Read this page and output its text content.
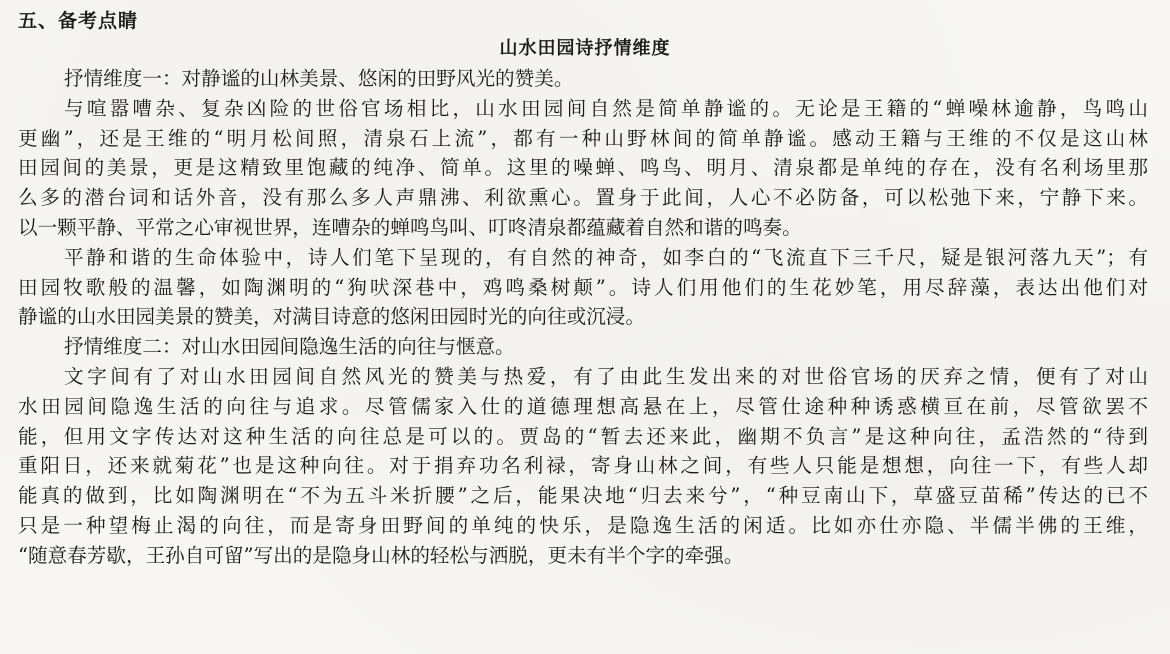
五、备考点睛
山水田园诗抒情维度
抒情维度一：对静谧的山林美景、悠闲的田野风光的赞美。
与喧嚣嘈杂、复杂凶险的世俗官场相比，山水田园间自然是简单静谧的。无论是王籍的“蝉噪林逾静，鸟鸣山
更幽”，还是王维的“明月松间照，清泉石上流”，都有一种山野林间的简单静谧。感动王籍与王维的不仅是这山林
田园间的美景，更是这精致里饱藏的纯净、简单。这里的噪蝉、鸣鸟、明月、清泉都是单纯的存在，没有名利场里那
么多的潜台词和话外音，没有那么多人声鼎沸、利欲熏心。置身于此间，人心不必防备，可以松弛下来，宁静下来。
以一颗平静、平常之心审视世界，连嘈杂的蝉鸣鸟叫、叮咚清泉都蕴藏着自然和谐的鸣奏。
平静和谐的生命体验中，诗人们笔下呈现的，有自然的神奇，如李白的“飞流直下三千尺，疑是银河落九天”；有
田园牧歌般的温馨，如陶渊明的“狗吠深巷中，鸡鸣桑树颠”。诗人们用他们的生花妙笔，用尽辞藻，表达出他们对
静谧的山水田园美景的赞美，对满目诗意的悠闲田园时光的向往或沉浸。
抒情维度二：对山水田园间隐逸生活的向往与惬意。
文字间有了对山水田园间自然风光的赞美与热爱，有了由此生发出来的对世俗官场的厌弃之情，便有了对山
水田园间隐逸生活的向往与追求。尽管儒家入仕的道德理想高悬在上，尽管仕途种种诱惑横亘在前，尽管欲罢不
能，但用文字传达对这种生活的向往总是可以的。贾岛的“暂去还来此，幽期不负言”是这种向往，孟浩然的“待到
重阳日，还来就菊花”也是这种向往。对于捐弃功名利禄，寄身山林之间，有些人只能是想想，向往一下，有些人却
能真的做到，比如陶渊明在“不为五斗米折腰”之后，能果决地“归去来兮”，“种豆南山下，草盛豆苗稀”传达的已不
只是一种望梅止渴的向往，而是寄身田野间的单纯的快乐，是隐逸生活的闲适。比如亦仕亦隐、半儒半佛的王维，
“随意春芳歇，王孙自可留”写出的是隐身山林的轻松与洒脱，更未有半个字的牵强。
